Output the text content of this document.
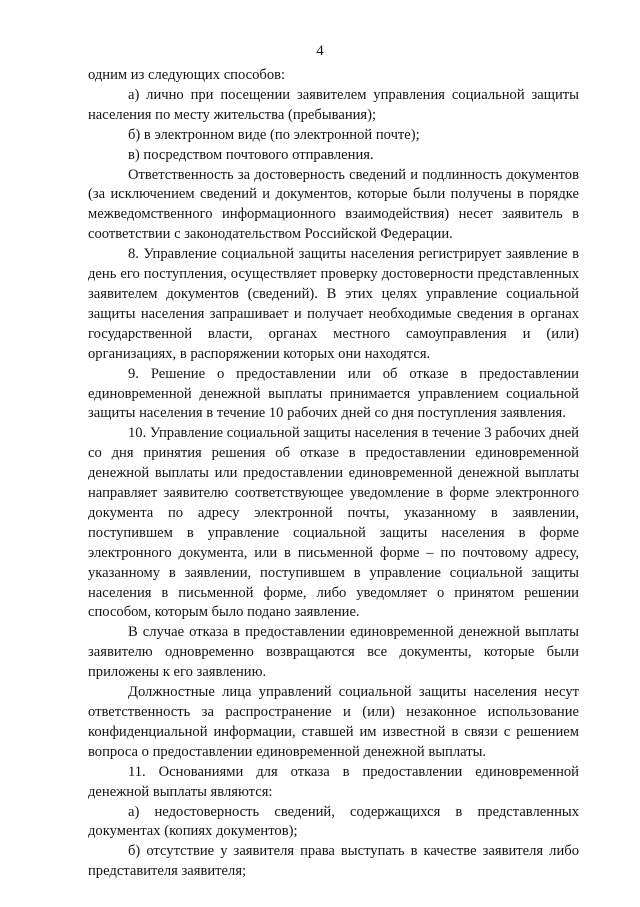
4

одним из следующих способов:

а) лично при посещении заявителем управления социальной защиты населения по месту жительства (пребывания);

б) в электронном виде (по электронной почте);

в) посредством почтового отправления.

Ответственность за достоверность сведений и подлинность документов (за исключением сведений и документов, которые были получены в порядке межведомственного информационного взаимодействия) несет заявитель в соответствии с законодательством Российской Федерации.

8. Управление социальной защиты населения регистрирует заявление в день его поступления, осуществляет проверку достоверности представленных заявителем документов (сведений). В этих целях управление социальной защиты населения запрашивает и получает необходимые сведения в органах государственной власти, органах местного самоуправления и (или) организациях, в распоряжении которых они находятся.

9. Решение о предоставлении или об отказе в предоставлении единовременной денежной выплаты принимается управлением социальной защиты населения в течение 10 рабочих дней со дня поступления заявления.

10. Управление социальной защиты населения в течение 3 рабочих дней со дня принятия решения об отказе в предоставлении единовременной денежной выплаты или предоставлении единовременной денежной выплаты направляет заявителю соответствующее уведомление в форме электронного документа по адресу электронной почты, указанному в заявлении, поступившем в управление социальной защиты населения в форме электронного документа, или в письменной форме – по почтовому адресу, указанному в заявлении, поступившем в управление социальной защиты населения в письменной форме, либо уведомляет о принятом решении способом, которым было подано заявление.

В случае отказа в предоставлении единовременной денежной выплаты заявителю одновременно возвращаются все документы, которые были приложены к его заявлению.

Должностные лица управлений социальной защиты населения несут ответственность за распространение и (или) незаконное использование конфиденциальной информации, ставшей им известной в связи с решением вопроса о предоставлении единовременной денежной выплаты.

11. Основаниями для отказа в предоставлении единовременной денежной выплаты являются:

а) недостоверность сведений, содержащихся в представленных документах (копиях документов);

б) отсутствие у заявителя права выступать в качестве заявителя либо представителя заявителя;
